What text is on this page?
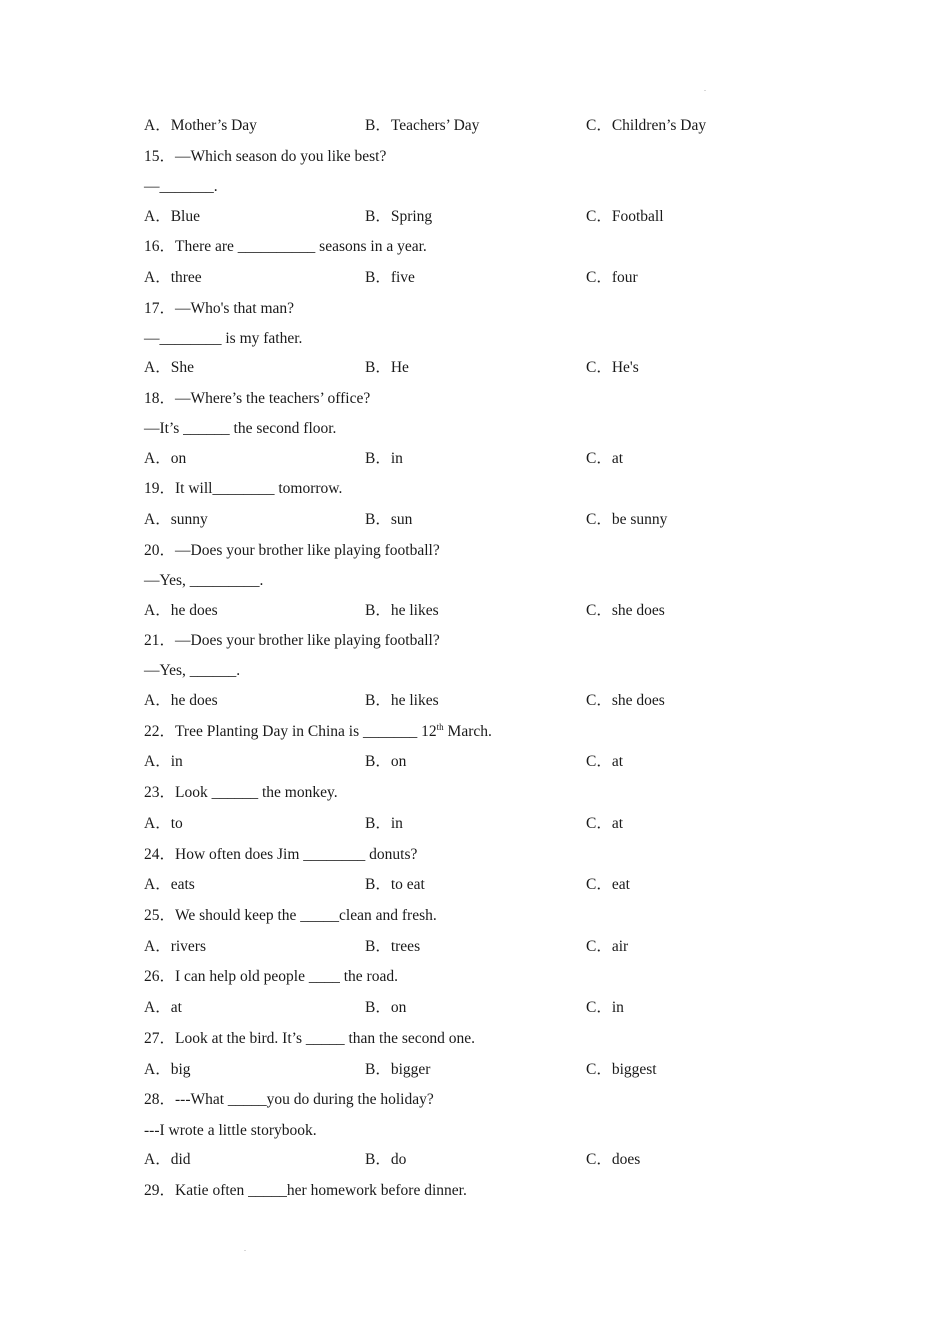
.
A．Mother’s Day	B．Teachers’ Day	C．Children’s Day
15．—Which season do you like best?
—_______.
A．Blue	B．Spring	C．Football
16．There are __________ seasons in a year.
A．three	B．five	C．four
17．—Who's that man?
—________ is my father.
A．She	B．He	C．He's
18．—Where’s the teachers’ office?
—It’s ______ the second floor.
A．on	B．in	C．at
19．It will________ tomorrow.
A．sunny	B．sun	C．be sunny
20．—Does your brother like playing football?
—Yes, _________.
A．he does	B．he likes	C．she does
21．—Does your brother like playing football?
—Yes, ______.
A．he does	B．he likes	C．she does
22．Tree Planting Day in China is _______ 12th March.
A．in	B．on	C．at
23．Look ______ the monkey.
A．to	B．in	C．at
24．How often does Jim ________ donuts?
A．eats	B．to eat	C．eat
25．We should keep the _____clean and fresh.
A．rivers	B．trees	C．air
26．I can help old people ____ the road.
A．at	B．on	C．in
27．Look at the bird. It’s _____ than the second one.
A．big	B．bigger	C．biggest
28．---What _____you do during the holiday?
---I wrote a little storybook.
A．did	B．do	C．does
29．Katie often _____her homework before dinner.
.
